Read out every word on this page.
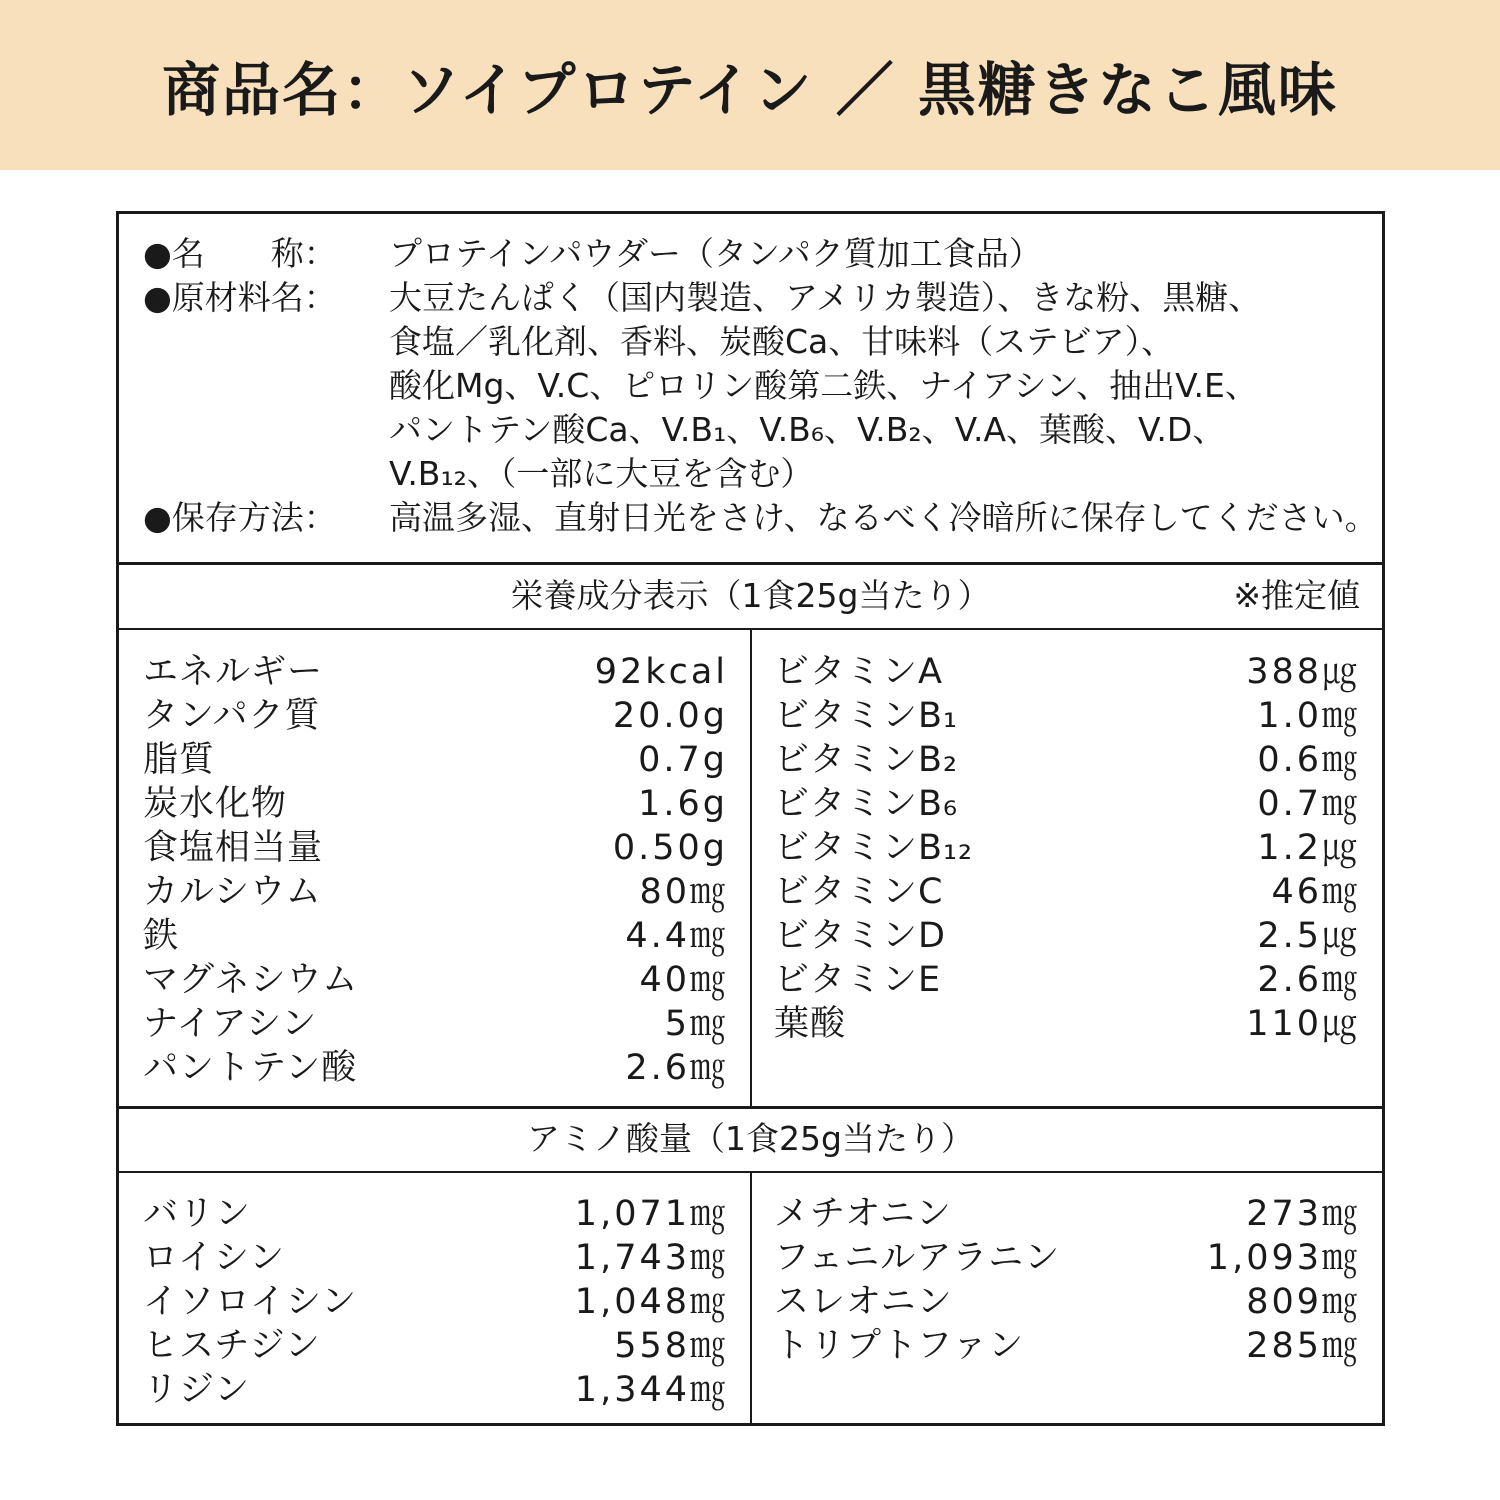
商品名：ソイプロテイン ／ 黒糖きなこ風味
●名　　称：	プロテインパウダー（タンパク質加工食品）
●原材料名：	大豆たんぱく（国内製造、アメリカ製造）、きな粉、黒糖、
食塩／乳化剤、香料、炭酸Ca、甘味料（ステビア）、
酸化Mg、V.C、ピロリン酸第二鉄、ナイアシン、抽出V.E、
パントテン酸Ca、V.B₁、V.B₆、V.B₂、V.A、葉酸、V.D、
V.B₁₂、（一部に大豆を含む）
●保存方法：	高温多湿、直射日光をさけ、なるべく冷暗所に保存してください。
栄養成分表示（1食25g当たり）	※推定値
エネルギー	92kcal
タンパク質	20.0g
脂質	0.7g
炭水化物	1.6g
食塩相当量	0.50g
カルシウム	80㎎
鉄	4.4㎎
マグネシウム	40㎎
ナイアシン	5㎎
パントテン酸	2.6㎎
ビタミンA	388㎍
ビタミンB₁	1.0㎎
ビタミンB₂	0.6㎎
ビタミンB₆	0.7㎎
ビタミンB₁₂	1.2㎍
ビタミンC	46㎎
ビタミンD	2.5㎍
ビタミンE	2.6㎎
葉酸	110㎍
アミノ酸量（1食25g当たり）
バリン	1,071㎎
ロイシン	1,743㎎
イソロイシン	1,048㎎
ヒスチジン	558㎎
リジン	1,344㎎
メチオニン	273㎎
フェニルアラニン	1,093㎎
スレオニン	809㎎
トリプトファン	285㎎
